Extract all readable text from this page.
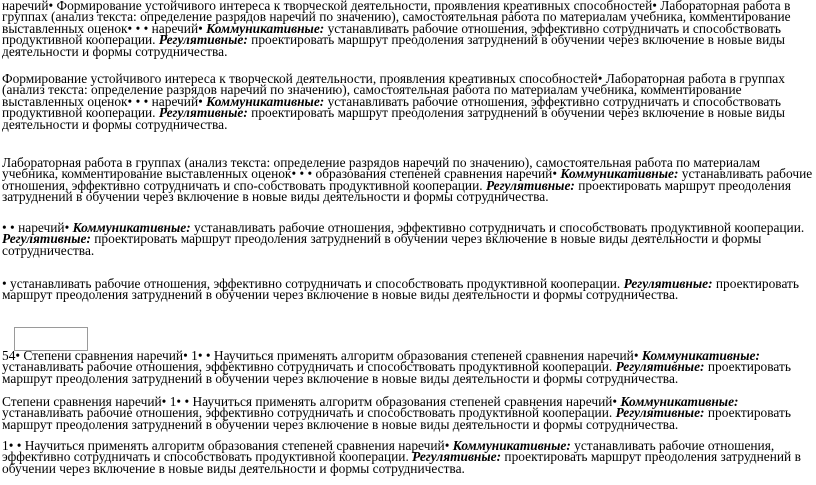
наречий• Формирование устойчивого интереса к творческой деятельности, проявления креативных способностей• Лабораторная работа в группах (анализ текста: определение разрядов наречий по значению), самостоятельная работа по материалам учебника, комментирование выставленных оценок• • • наречий• Коммуникативные: устанавливать рабочие отношения, эффективно сотрудничать и способствовать продуктивной кооперации. Регулятивные: проектировать маршрут преодоления затруднений в обучении через включение в новые виды деятельности и формы сотрудничества.

Формирование устойчивого интереса к творческой деятельности, проявления креативных способностей• Лабораторная работа в группах (анализ текста: определение разрядов наречий по значению), самостоятельная работа по материалам учебника, комментирование выставленных оценок• • • наречий• Коммуникативные: устанавливать рабочие отношения, эффективно сотрудничать и способствовать продуктивной кооперации. Регулятивные: проектировать маршрут преодоления затруднений в обучении через включение в новые виды деятельности и формы сотрудничества.

Лабораторная работа в группах (анализ текста: определение разрядов наречий по значению), самостоятельная работа по материалам учебника, комментирование выставленных оценок• • • образования степеней сравнения наречий• Коммуникативные: устанавливать рабочие отношения, эффективно сотрудничать и спо-собствовать продуктивной кооперации. Регулятивные: проектировать маршрут преодоления затруднений в обучении через включение в новые виды деятельности и формы сотрудничества.

• • наречий• Коммуникативные: устанавливать рабочие отношения, эффективно сотрудничать и способствовать продуктивной кооперации. Регулятивные: проектировать маршрут преодоления затруднений в обучении через включение в новые виды деятельности и формы сотрудничества.

• устанавливать рабочие отношения, эффективно сотрудничать и способствовать продуктивной кооперации. Регулятивные: проектировать маршрут преодоления затруднений в обучении через включение в новые виды деятельности и формы сотрудничества.

54• Степени сравнения наречий• 1• • Научиться применять алгоритм образования степеней сравнения наречий• Коммуникативные: устанавливать рабочие отношения, эффективно сотрудничать и способствовать продуктивной кооперации. Регулятивные: проектировать маршрут преодоления затруднений в обучении через включение в новые виды деятельности и формы сотрудничества.

Степени сравнения наречий• 1• • Научиться применять алгоритм образования степеней сравнения наречий• Коммуникативные: устанавливать рабочие отношения, эффективно сотрудничать и способствовать продуктивной кооперации. Регулятивные: проектировать маршрут преодоления затруднений в обучении через включение в новые виды деятельности и формы сотрудничества.

1• • Научиться применять алгоритм образования степеней сравнения наречий• Коммуникативные: устанавливать рабочие отношения, эффективно сотрудничать и способствовать продуктивной кооперации. Регулятивные: проектировать маршрут преодоления затруднений в обучении через включение в новые виды деятельности и формы сотрудничества.
